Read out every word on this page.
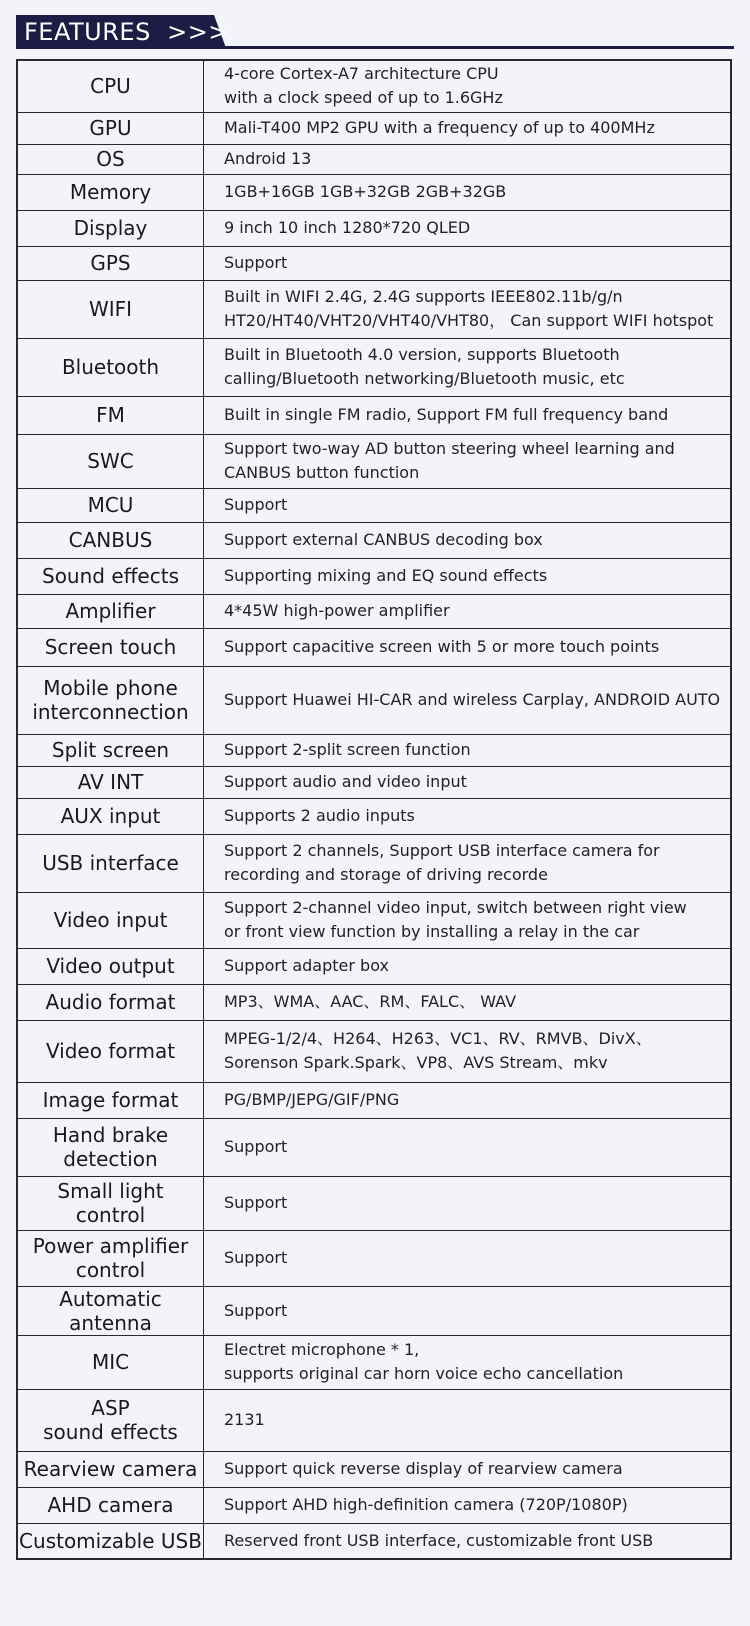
FEATURES  >>>
CPU	4-core Cortex-A7 architecture CPU
with a clock speed of up to 1.6GHz
GPU	Mali-T400 MP2 GPU with a frequency of up to 400MHz
OS	Android 13
Memory	1GB+16GB 1GB+32GB 2GB+32GB
Display	9 inch 10 inch 1280*720 QLED
GPS	Support
WIFI	Built in WIFI 2.4G, 2.4G supports IEEE802.11b/g/n
HT20/HT40/VHT20/VHT40/VHT80， Can support WIFI hotspot
Bluetooth	Built in Bluetooth 4.0 version, supports Bluetooth
calling/Bluetooth networking/Bluetooth music, etc
FM	Built in single FM radio, Support FM full frequency band
SWC	Support two-way AD button steering wheel learning and
CANBUS button function
MCU	Support
CANBUS	Support external CANBUS decoding box
Sound effects	Supporting mixing and EQ sound effects
Amplifier	4*45W high-power amplifier
Screen touch	Support capacitive screen with 5 or more touch points
Mobile phone
interconnection	Support Huawei HI-CAR and wireless Carplay, ANDROID AUTO
Split screen	Support 2-split screen function
AV INT	Support audio and video input
AUX input	Supports 2 audio inputs
USB interface	Support 2 channels, Support USB interface camera for
recording and storage of driving recorde
Video input	Support 2-channel video input, switch between right view
or front view function by installing a relay in the car
Video output	Support adapter box
Audio format	MP3、WMA、AAC、RM、FALC、 WAV
Video format	MPEG-1/2/4、H264、H263、VC1、RV、RMVB、DivX、
Sorenson Spark.Spark、VP8、AVS Stream、mkv
Image format	PG/BMP/JEPG/GIF/PNG
Hand brake
detection	Support
Small light
control	Support
Power amplifier
control	Support
Automatic antenna	Support
MIC	Electret microphone * 1,
supports original car horn voice echo cancellation
ASP
sound effects	2131
Rearview camera	Support quick reverse display of rearview camera
AHD camera	Support AHD high-definition camera (720P/1080P)
Customizable USB	Reserved front USB interface, customizable front USB
